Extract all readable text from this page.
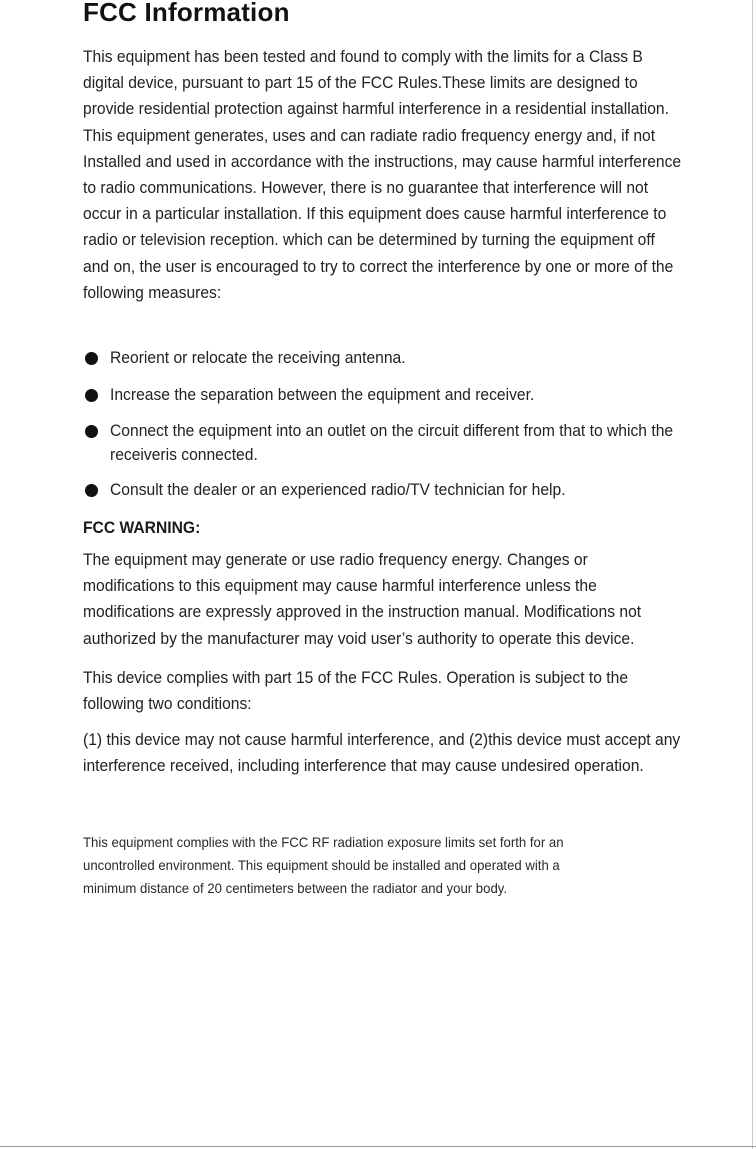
FCC Information

This equipment has been tested and found to comply with the limits for a Class B digital device, pursuant to part 15 of the FCC Rules.These limits are designed to provide residential protection against harmful interference in a residential installation. This equipment generates, uses and can radiate radio frequency energy and, if not Installed and used in accordance with the instructions, may cause harmful interference to radio communications. However, there is no guarantee that interference will not occur in a particular installation. If this equipment does cause harmful interference to radio or television reception. which can be determined by turning the equipment off and on, the user is encouraged to try to correct the interference by one or more of the following measures:

Reorient or relocate the receiving antenna.
Increase the separation between the equipment and receiver.
Connect the equipment into an outlet on the circuit different from that to which the receiveris connected.
Consult the dealer or an experienced radio/TV technician for help.
FCC WARNING:

The equipment may generate or use radio frequency energy. Changes or modifications to this equipment may cause harmful interference unless the modifications are expressly approved in the instruction manual. Modifications not authorized by the manufacturer may void user’s authority to operate this device.

This device complies with part 15 of the FCC Rules. Operation is subject to the following two conditions:

(1) this device may not cause harmful interference, and (2)this device must accept any interference received, including interference that may cause undesired operation.

This equipment complies with the FCC RF radiation exposure limits set forth for an uncontrolled environment. This equipment should be installed and operated with a minimum distance of 20 centimeters between the radiator and your body.
